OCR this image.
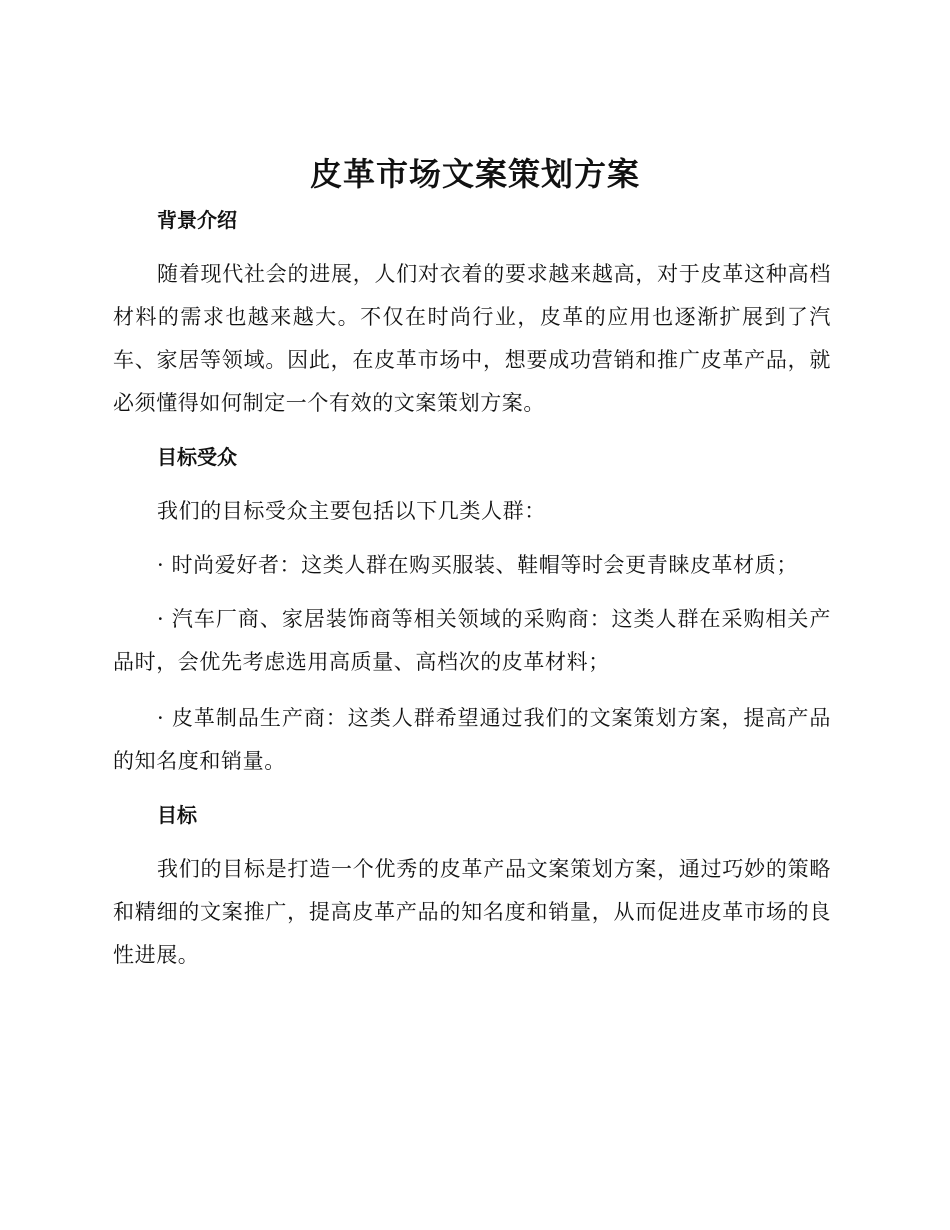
皮革市场文案策划方案
背景介绍
随着现代社会的进展，人们对衣着的要求越来越高，对于皮革这种高档材料的需求也越来越大。不仅在时尚行业，皮革的应用也逐渐扩展到了汽车、家居等领域。因此，在皮革市场中，想要成功营销和推广皮革产品，就必须懂得如何制定一个有效的文案策划方案。
目标受众
我们的目标受众主要包括以下几类人群：
· 时尚爱好者：这类人群在购买服装、鞋帽等时会更青睐皮革材质；
· 汽车厂商、家居装饰商等相关领域的采购商：这类人群在采购相关产品时，会优先考虑选用高质量、高档次的皮革材料；
· 皮革制品生产商：这类人群希望通过我们的文案策划方案，提高产品的知名度和销量。
目标
我们的目标是打造一个优秀的皮革产品文案策划方案，通过巧妙的策略和精细的文案推广，提高皮革产品的知名度和销量，从而促进皮革市场的良性进展。
